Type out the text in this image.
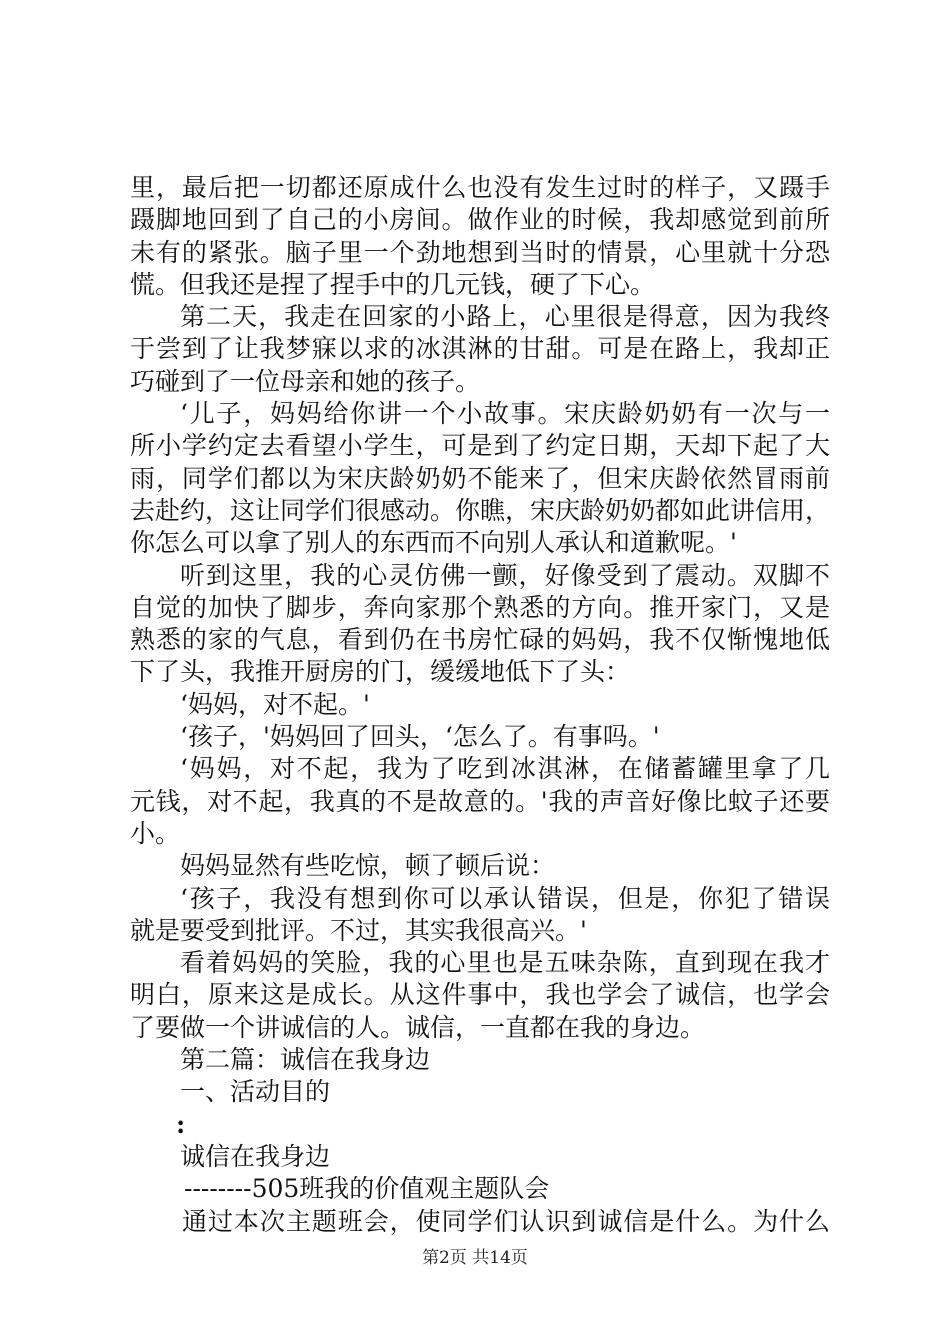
里，最后把一切都还原成什么也没有发生过时的样子，又蹑手
蹑脚地回到了自己的小房间。做作业的时候，我却感觉到前所
未有的紧张。脑子里一个劲地想到当时的情景，心里就十分恐
慌。但我还是捏了捏手中的几元钱，硬了下心。
第二天，我走在回家的小路上，心里很是得意，因为我终
于尝到了让我梦寐以求的冰淇淋的甘甜。可是在路上，我却正
巧碰到了一位母亲和她的孩子。
‘儿子，妈妈给你讲一个小故事。宋庆龄奶奶有一次与一
所小学约定去看望小学生，可是到了约定日期，天却下起了大
雨，同学们都以为宋庆龄奶奶不能来了，但宋庆龄依然冒雨前
去赴约，这让同学们很感动。你瞧，宋庆龄奶奶都如此讲信用，
你怎么可以拿了别人的东西而不向别人承认和道歉呢。'
听到这里，我的心灵仿佛一颤，好像受到了震动。双脚不
自觉的加快了脚步，奔向家那个熟悉的方向。推开家门，又是
熟悉的家的气息，看到仍在书房忙碌的妈妈，我不仅惭愧地低
下了头，我推开厨房的门，缓缓地低下了头：
‘妈妈，对不起。'
‘孩子，'妈妈回了回头，‘怎么了。有事吗。'
‘妈妈，对不起，我为了吃到冰淇淋，在储蓄罐里拿了几
元钱，对不起，我真的不是故意的。'我的声音好像比蚊子还要
小。
妈妈显然有些吃惊，顿了顿后说：
‘孩子，我没有想到你可以承认错误，但是，你犯了错误
就是要受到批评。不过，其实我很高兴。'
看着妈妈的笑脸，我的心里也是五味杂陈，直到现在我才
明白，原来这是成长。从这件事中，我也学会了诚信，也学会
了要做一个讲诚信的人。诚信，一直都在我的身边。
第二篇：诚信在我身边
一、活动目的
:
诚信在我身边
--------505班我的价值观主题队会
通过本次主题班会，使同学们认识到诚信是什么。为什么
第2页 共14页
